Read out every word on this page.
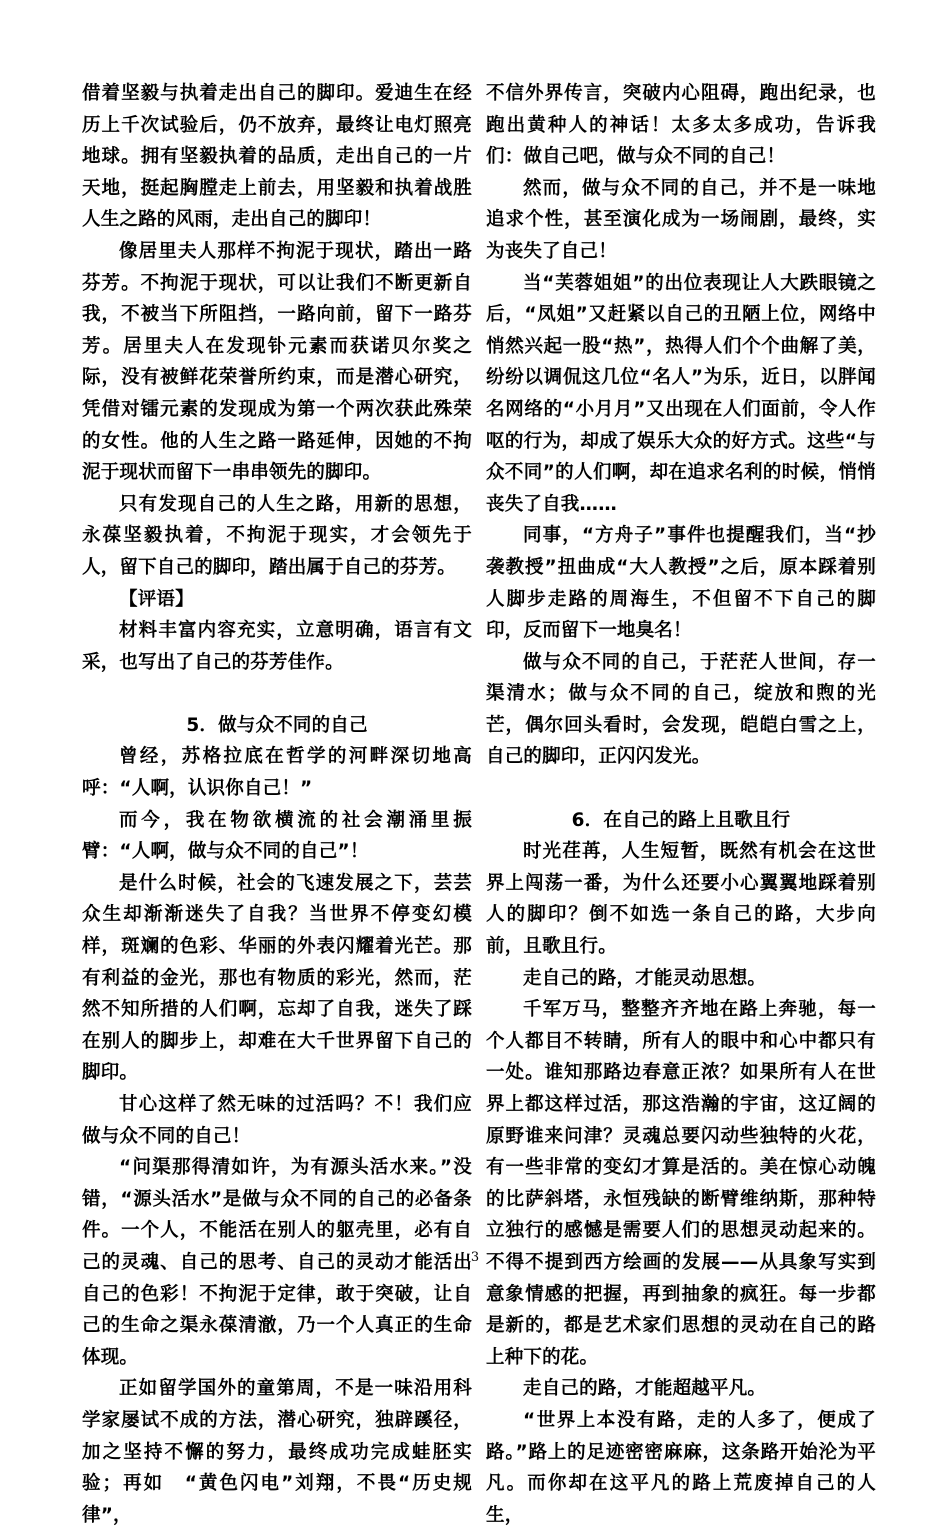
借着坚毅与执着走出自己的脚印。爱迪生在经历上千次试验后，仍不放弃，最终让电灯照亮地球。拥有坚毅执着的品质，走出自己的一片天地，挺起胸膛走上前去，用坚毅和执着战胜人生之路的风雨，走出自己的脚印！

像居里夫人那样不拘泥于现状，踏出一路芬芳。不拘泥于现状，可以让我们不断更新自我，不被当下所阻挡，一路向前，留下一路芬芳。居里夫人在发现钋元素而获诺贝尔奖之际，没有被鲜花荣誉所约束，而是潜心研究，凭借对镭元素的发现成为第一个两次获此殊荣的女性。他的人生之路一路延伸，因她的不拘泥于现状而留下一串串领先的脚印。

只有发现自己的人生之路，用新的思想，永葆坚毅执着，不拘泥于现实，才会领先于人，留下自己的脚印，踏出属于自己的芬芳。

【评语】

材料丰富内容充实，立意明确，语言有文采，也写出了自己的芬芳佳作。

5．做与众不同的自己

曾经，苏格拉底在哲学的河畔深切地高呼：“人啊，认识你自己！”

而今，我在物欲横流的社会潮涌里振臂：“人啊，做与众不同的自己”！

是什么时候，社会的飞速发展之下，芸芸众生却渐渐迷失了自我？当世界不停变幻模样，斑斓的色彩、华丽的外表闪耀着光芒。那有利益的金光，那也有物质的彩光，然而，茫然不知所措的人们啊，忘却了自我，迷失了踩在别人的脚步上，却难在大千世界留下自己的脚印。

甘心这样了然无味的过活吗？不！我们应做与众不同的自己！

“问渠那得清如许，为有源头活水来。”没错，“源头活水”是做与众不同的自己的必备条件。一个人，不能活在别人的躯壳里，必有自己的灵魂、自己的思考、自己的灵动才能活出自己的色彩！不拘泥于定律，敢于突破，让自己的生命之渠永葆清澈，乃一个人真正的生命体现。

正如留学国外的童第周，不是一味沿用科学家屡试不成的方法，潜心研究，独辟蹊径，加之坚持不懈的努力，最终成功完成蛙胚实验；再如　“黄色闪电”刘翔，不畏“历史规律”，

不信外界传言，突破内心阻碍，跑出纪录，也跑出黄种人的神话！太多太多成功，告诉我们：做自己吧，做与众不同的自己！

然而，做与众不同的自己，并不是一味地追求个性，甚至演化成为一场闹剧，最终，实为丧失了自己！

当“芙蓉姐姐”的出位表现让人大跌眼镜之后，“凤姐”又赶紧以自己的丑陋上位，网络中悄然兴起一股“热”，热得人们个个曲解了美，纷纷以调侃这几位“名人”为乐，近日，以胖闻名网络的“小月月”又出现在人们面前，令人作呕的行为，却成了娱乐大众的好方式。这些“与众不同”的人们啊，却在追求名利的时候，悄悄丧失了自我……

同事，“方舟子”事件也提醒我们，当“抄袭教授”扭曲成“大人教授”之后，原本踩着别人脚步走路的周海生，不但留不下自己的脚印，反而留下一地臭名！

做与众不同的自己，于茫茫人世间，存一渠清水；做与众不同的自己，绽放和煦的光芒，偶尔回头看时，会发现，皑皑白雪之上，自己的脚印，正闪闪发光。

6．在自己的路上且歌且行

时光荏苒，人生短暂，既然有机会在这世界上闯荡一番，为什么还要小心翼翼地踩着别人的脚印？倒不如选一条自己的路，大步向前，且歌且行。

走自己的路，才能灵动思想。

千军万马，整整齐齐地在路上奔驰，每一个人都目不转睛，所有人的眼中和心中都只有一处。谁知那路边春意正浓？如果所有人在世界上都这样过活，那这浩瀚的宇宙，这辽阔的原野谁来问津？灵魂总要闪动些独特的火花，有一些非常的变幻才算是活的。美在惊心动魄的比萨斜塔，永恒残缺的断臂维纳斯，那种特立独行的感憾是需要人们的思想灵动起来的。不得不提到西方绘画的发展——从具象写实到意象情感的把握，再到抽象的疯狂。每一步都是新的，都是艺术家们思想的灵动在自己的路上种下的花。

走自己的路，才能超越平凡。

“世界上本没有路，走的人多了，便成了路。”路上的足迹密密麻麻，这条路开始沦为平凡。而你却在这平凡的路上荒废掉自己的人生，

3
